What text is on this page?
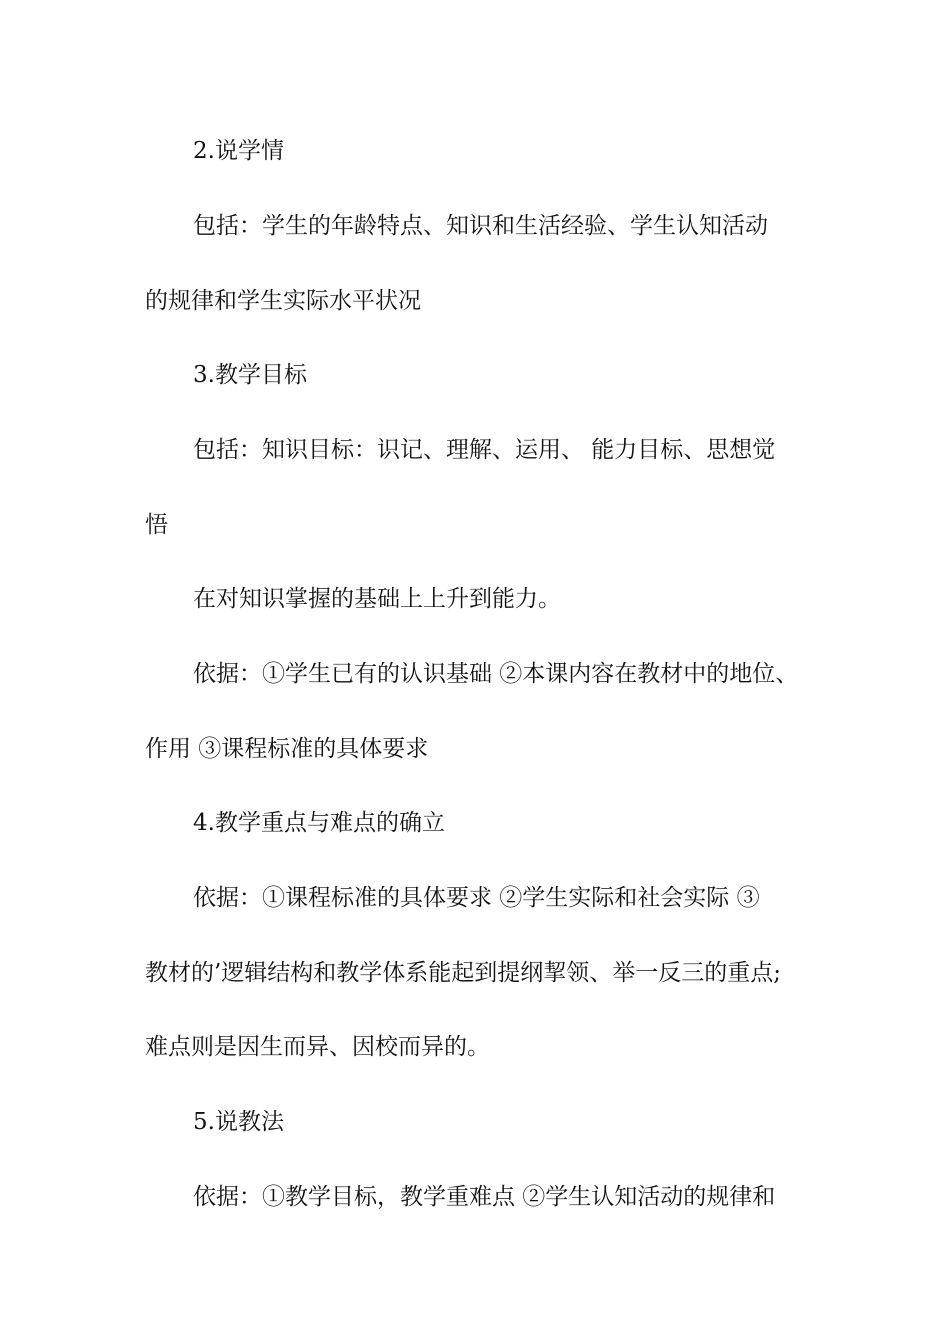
2.说学情
包括：学生的年龄特点、知识和生活经验、学生认知活动
的规律和学生实际水平状况
3.教学目标
包括：知识目标：识记、理解、运用、 能力目标、思想觉
悟
在对知识掌握的基础上上升到能力。
依据：①学生已有的认识基础 ②本课内容在教材中的地位、
作用 ③课程标准的具体要求
4.教学重点与难点的确立
依据：①课程标准的具体要求 ②学生实际和社会实际 ③
教材的’逻辑结构和教学体系能起到提纲挈领、举一反三的重点;
难点则是因生而异、因校而异的。
5.说教法
依据：①教学目标，教学重难点 ②学生认知活动的规律和
